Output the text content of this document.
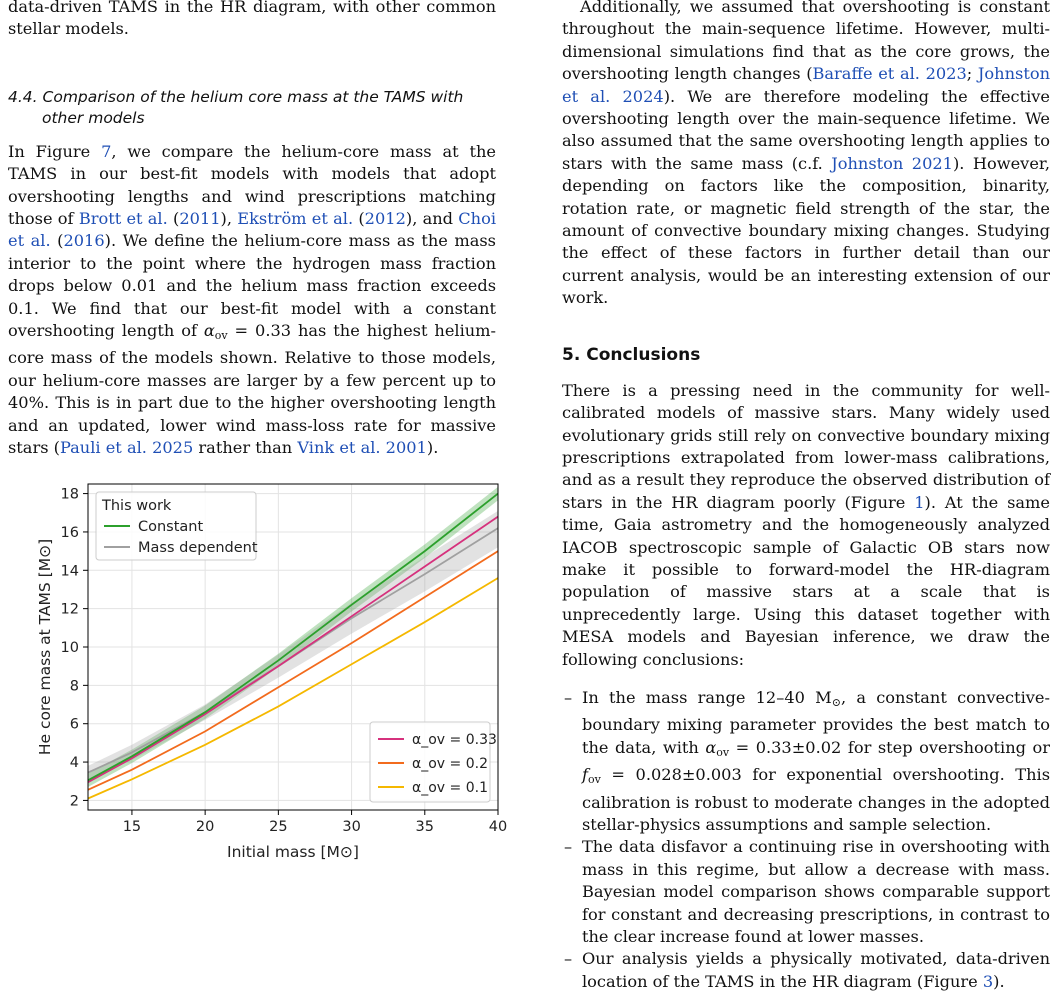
data-driven TAMS in the HR diagram, with other common stellar models.

4.4. Comparison of the helium core mass at the TAMS with
other models

In Figure 7, we compare the helium-core mass at the TAMS in our best-fit models with models that adopt overshooting lengths and wind prescriptions matching those of Brott et al. (2011), Ekström et al. (2012), and Choi et al. (2016). We define the helium-core mass as the mass interior to the point where the hydrogen mass fraction drops below 0.01 and the helium mass fraction exceeds 0.1. We find that our best-fit model with a constant overshooting length of $\alpha_{ov} = 0.33$ has the highest helium-core mass of the models shown. Relative to those models, our helium-core masses are larger by a few percent up to 40%. This is in part due to the higher overshooting length and an updated, lower wind mass-loss rate for massive stars (Pauli et al. 2025 rather than Vink et al. 2001).

15	20	25	30	35	40
2
4
6
8
10
12
14
16
18
Initial mass [M⊙]
He core mass at TAMS [M⊙]
This work
Constant
Mass dependent
α_ov = 0.33
α_ov = 0.2
α_ov = 0.1

Additionally, we assumed that overshooting is constant throughout the main-sequence lifetime. However, multi-dimensional simulations find that as the core grows, the overshooting length changes (Baraffe et al. 2023; Johnston et al. 2024). We are therefore modeling the effective overshooting length over the main-sequence lifetime. We also assumed that the same overshooting length applies to stars with the same mass (c.f. Johnston 2021). However, depending on factors like the composition, binarity, rotation rate, or magnetic field strength of the star, the amount of convective boundary mixing changes. Studying the effect of these factors in further detail than our current analysis, would be an interesting extension of our work.

5. Conclusions

There is a pressing need in the community for well-calibrated models of massive stars. Many widely used evolutionary grids still rely on convective boundary mixing prescriptions extrapolated from lower-mass calibrations, and as a result they reproduce the observed distribution of stars in the HR diagram poorly (Figure 1). At the same time, Gaia astrometry and the homogeneously analyzed IACOB spectroscopic sample of Galactic OB stars now make it possible to forward-model the HR-diagram population of massive stars at a scale that is unprecedently large. Using this dataset together with MESA models and Bayesian inference, we draw the following conclusions:

– In the mass range 12–40 $M_⊙$, a constant convective-boundary mixing parameter provides the best match to the data, with $\alpha_{ov} = 0.33\pm 0.02$ for step overshooting or $f_{ov} = 0.028\pm 0.003$ for exponential overshooting. This calibration is robust to moderate changes in the adopted stellar-physics assumptions and sample selection.
– The data disfavor a continuing rise in overshooting with mass in this regime, but allow a decrease with mass. Bayesian model comparison shows comparable support for constant and decreasing prescriptions, in contrast to the clear increase found at lower masses.
– Our analysis yields a physically motivated, data-driven location of the TAMS in the HR diagram (Figure 3).
